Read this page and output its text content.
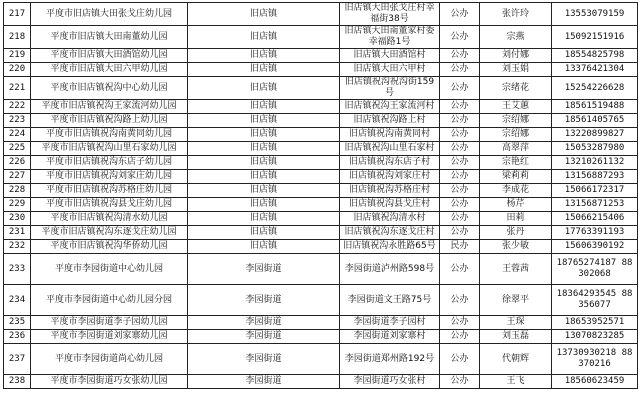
217	平度市旧店镇大田张戈庄幼儿园	旧店镇	旧店镇大田张戈庄村幸福街38号	公办	张许玲	13553079159
218	平度市旧店镇大田南董幼儿园	旧店镇	旧店镇大田南董家村委幸福路1号	公办	宗燕	15092151916
219	平度市旧店镇大田酒馆幼儿园	旧店镇	旧店镇大田酒馆村	公办	刘付娜	18554825798
220	平度市旧店镇大田六甲幼儿园	旧店镇	旧店镇大田六甲村	公办	刘玉娟	13376421304
221	平度市旧店镇祝沟中心幼儿园	旧店镇	旧店镇祝沟祝沟街159号	公办	宗绪花	15254226628
222	平度市旧店镇祝沟王家流河幼儿园	旧店镇	旧店镇祝沟王家流河村	公办	王艾蕙	18561519488
223	平度市旧店镇祝沟路上幼儿园	旧店镇	旧店镇祝沟路上村	公办	宗绍娜	18561405765
224	平度市旧店镇祝沟南黄同幼儿园	旧店镇	旧店镇祝沟南黄同村	公办	宗绍娜	13220899827
225	平度市旧店镇祝沟山里石家幼儿园	旧店镇	旧店镇祝沟山里石家村	公办	高翠萍	15053287980
226	平度市旧店镇祝沟东店子幼儿园	旧店镇	旧店镇祝沟东店子村	公办	宗艳红	13210261132
227	平度市旧店镇祝沟刘家庄幼儿园	旧店镇	旧店镇祝沟刘家庄村	公办	梁莉莉	13156887293
228	平度市旧店镇祝沟苏格庄幼儿园	旧店镇	旧店镇祝沟苏格庄村	公办	李成花	15066172317
229	平度市旧店镇祝沟县戈庄幼儿园	旧店镇	旧店镇祝沟县戈庄村	公办	杨芹	13156871253
230	平度市旧店镇祝沟清水幼儿园	旧店镇	旧店镇祝沟清水村	公办	田莉	15066215406
231	平度市旧店镇祝沟东逐戈庄幼儿园	旧店镇	旧店镇祝沟东逐戈庄村	公办	张丹	17763391193
232	平度市旧店镇祝沟华侨幼儿园	旧店镇	旧店镇祝沟永胜路65号	民办	张少敏	15606390192
233	平度市李园街道中心幼儿园	李园街道	李园街道泸州路598号	公办	王蓉茜	18765274187 88302068
234	平度市李园街道中心幼儿园分园	李园街道	李园街道文王路75号	公办	徐翠平	18364293545 88356077
235	平度市李园街道李子园幼儿园	李园街道	李园街道李子园村	公办	王琛	18653952571
236	平度市李园街道刘家寨幼儿园	李园街道	李园街道刘家寨村	公办	刘玉磊	13070823285
237	平度市李园街道尚心幼儿园	李园街道	李园街道郑州路192号	公办	代朝辉	13730930218 88370216
238	平度市李园街道巧女张幼儿园	李园街道	李园街道巧女张村	公办	王飞	18560623459
